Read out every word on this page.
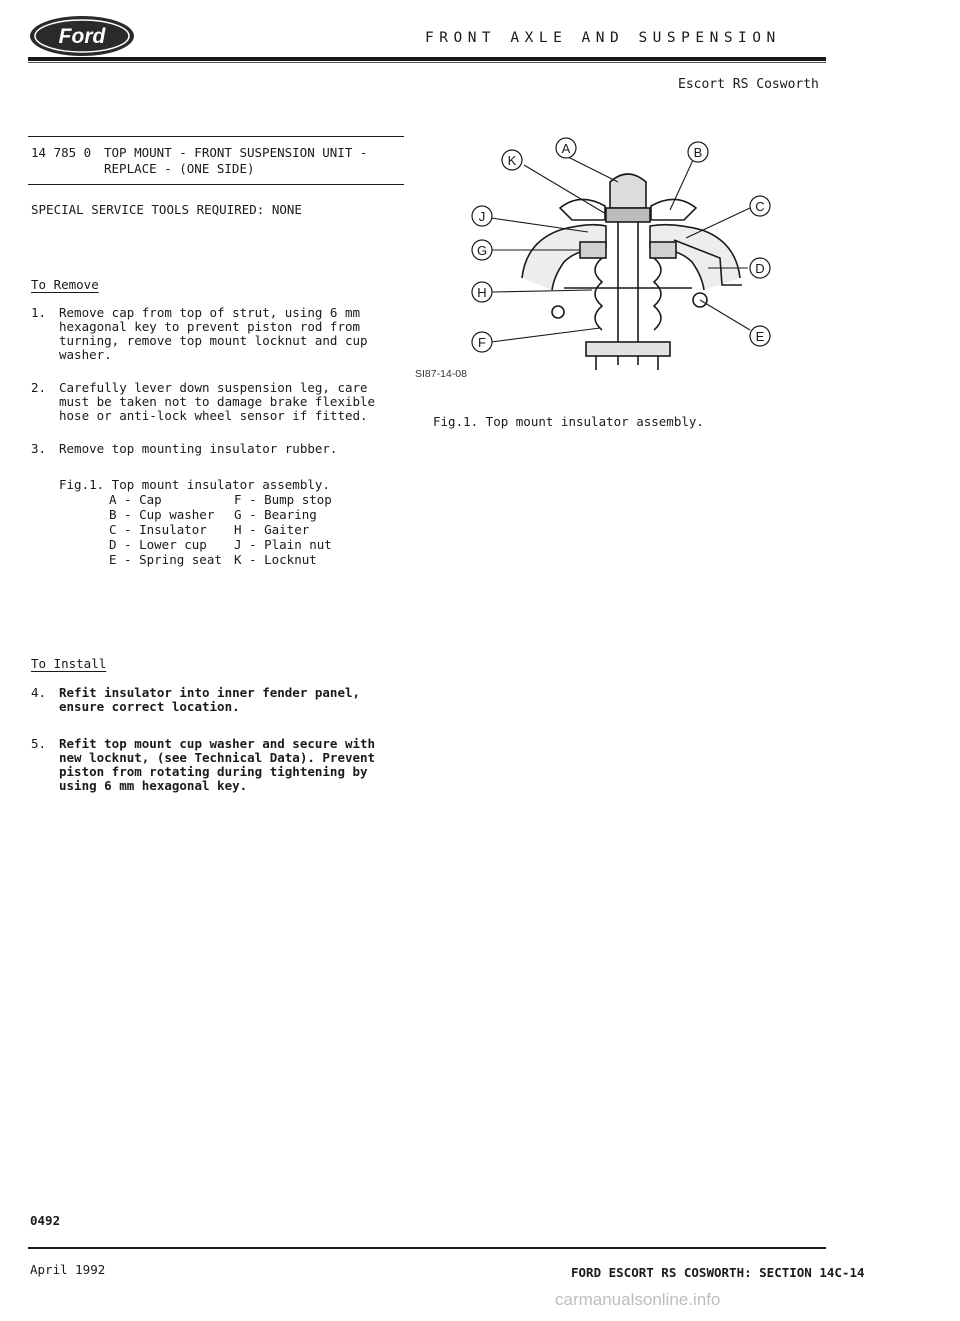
Ford	FRONT AXLE AND SUSPENSION
Escort RS Cosworth
14 785 0 TOP MOUNT - FRONT SUSPENSION UNIT -
REPLACE - (ONE SIDE)
SPECIAL SERVICE TOOLS REQUIRED: NONE
To Remove
1.	Remove cap from top of strut, using 6 mm
hexagonal key to prevent piston rod from
turning, remove top mount locknut and cup
washer.
2.	Carefully lever down suspension leg, care
must be taken not to damage brake flexible
hose or anti-lock wheel sensor if fitted.
3.	Remove top mounting insulator rubber.
Fig.1. Top mount insulator assembly.
A - Cap	F - Bump stop
B - Cup washer	G - Bearing
C - Insulator	H - Gaiter
D - Lower cup	J - Plain nut
E - Spring seat K - Locknut
To Install
4.	Refit insulator into inner fender panel,
ensure correct location.
5.	Refit top mount cup washer and secure with
new locknut, (see Technical Data). Prevent
piston from rotating during tightening by
using 6 mm hexagonal key.
A	B
C
D
E
F
G
H
J
K
SI87-14-08
Fig.1. Top mount insulator assembly.
0492
April 1992	FORD ESCORT RS COSWORTH: SECTION 14C-14
carmanualsonline.info
